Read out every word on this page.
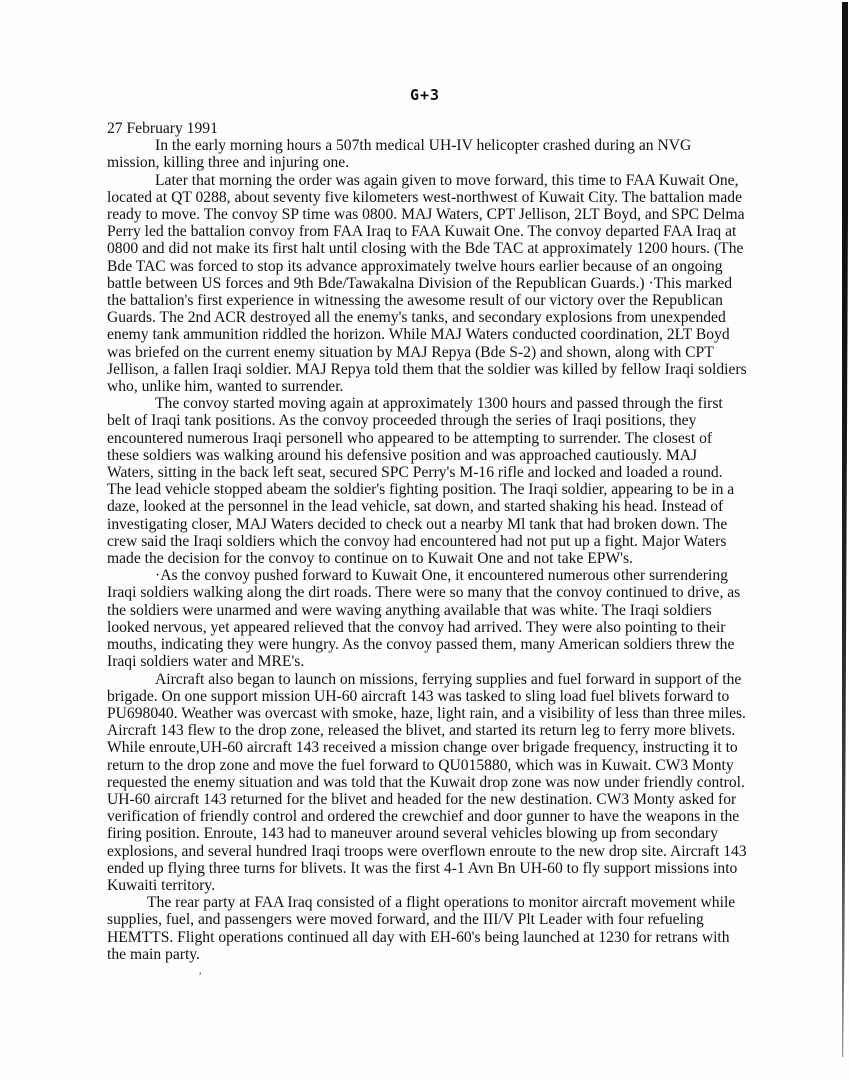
G+3

27 February 1991

In the early morning hours a 507th medical UH-IV helicopter crashed during an NVG mission, killing three and injuring one.

Later that morning the order was again given to move forward, this time to FAA Kuwait One, located at QT 0288, about seventy five kilometers west-northwest of Kuwait City. The battalion made ready to move. The convoy SP time was 0800. MAJ Waters, CPT Jellison, 2LT Boyd, and SPC Delma Perry led the battalion convoy from FAA Iraq to FAA Kuwait One. The convoy departed FAA Iraq at 0800 and did not make its first halt until closing with the Bde TAC at approximately 1200 hours. (The Bde TAC was forced to stop its advance approximately twelve hours earlier because of an ongoing battle between US forces and 9th Bde/Tawakalna Division of the Republican Guards.) ·This marked the battalion's first experience in witnessing the awesome result of our victory over the Republican Guards. The 2nd ACR destroyed all the enemy's tanks, and secondary explosions from unexpended enemy tank ammunition riddled the horizon. While MAJ Waters conducted coordination, 2LT Boyd was briefed on the current enemy situation by MAJ Repya (Bde S-2) and shown, along with CPT Jellison, a fallen Iraqi soldier. MAJ Repya told them that the soldier was killed by fellow Iraqi soldiers who, unlike him, wanted to surrender.

The convoy started moving again at approximately 1300 hours and passed through the first belt of Iraqi tank positions. As the convoy proceeded through the series of Iraqi positions, they encountered numerous Iraqi personell who appeared to be attempting to surrender. The closest of these soldiers was walking around his defensive position and was approached cautiously. MAJ Waters, sitting in the back left seat, secured SPC Perry's M-16 rifle and locked and loaded a round. The lead vehicle stopped abeam the soldier's fighting position. The Iraqi soldier, appearing to be in a daze, looked at the personnel in the lead vehicle, sat down, and started shaking his head. Instead of investigating closer, MAJ Waters decided to check out a nearby Ml tank that had broken down. The crew said the Iraqi soldiers which the convoy had encountered had not put up a fight. Major Waters made the decision for the convoy to continue on to Kuwait One and not take EPW's.

·As the convoy pushed forward to Kuwait One, it encountered numerous other surrendering Iraqi soldiers walking along the dirt roads. There were so many that the convoy continued to drive, as the soldiers were unarmed and were waving anything available that was white. The Iraqi soldiers looked nervous, yet appeared relieved that the convoy had arrived. They were also pointing to their mouths, indicating they were hungry. As the convoy passed them, many American soldiers threw the Iraqi soldiers water and MRE's.

Aircraft also began to launch on missions, ferrying supplies and fuel forward in support of the brigade. On one support mission UH-60 aircraft 143 was tasked to sling load fuel blivets forward to PU698040. Weather was overcast with smoke, haze, light rain, and a visibility of less than three miles. Aircraft 143 flew to the drop zone, released the blivet, and started its return leg to ferry more blivets. While enroute,UH-60 aircraft 143 received a mission change over brigade frequency, instructing it to return to the drop zone and move the fuel forward to QU015880, which was in Kuwait. CW3 Monty requested the enemy situation and was told that the Kuwait drop zone was now under friendly control. UH-60 aircraft 143 returned for the blivet and headed for the new destination. CW3 Monty asked for verification of friendly control and ordered the crewchief and door gunner to have the weapons in the firing position. Enroute, 143 had to maneuver around several vehicles blowing up from secondary explosions, and several hundred Iraqi troops were overflown enroute to the new drop site. Aircraft 143 ended up flying three turns for blivets. It was the first 4-1 Avn Bn UH-60 to fly support missions into Kuwaiti territory.

The rear party at FAA Iraq consisted of a flight operations to monitor aircraft movement while supplies, fuel, and passengers were moved forward, and the III/V Plt Leader with four refueling HEMTTS. Flight operations continued all day with EH-60's being launched at 1230 for retrans with the main party.

′
